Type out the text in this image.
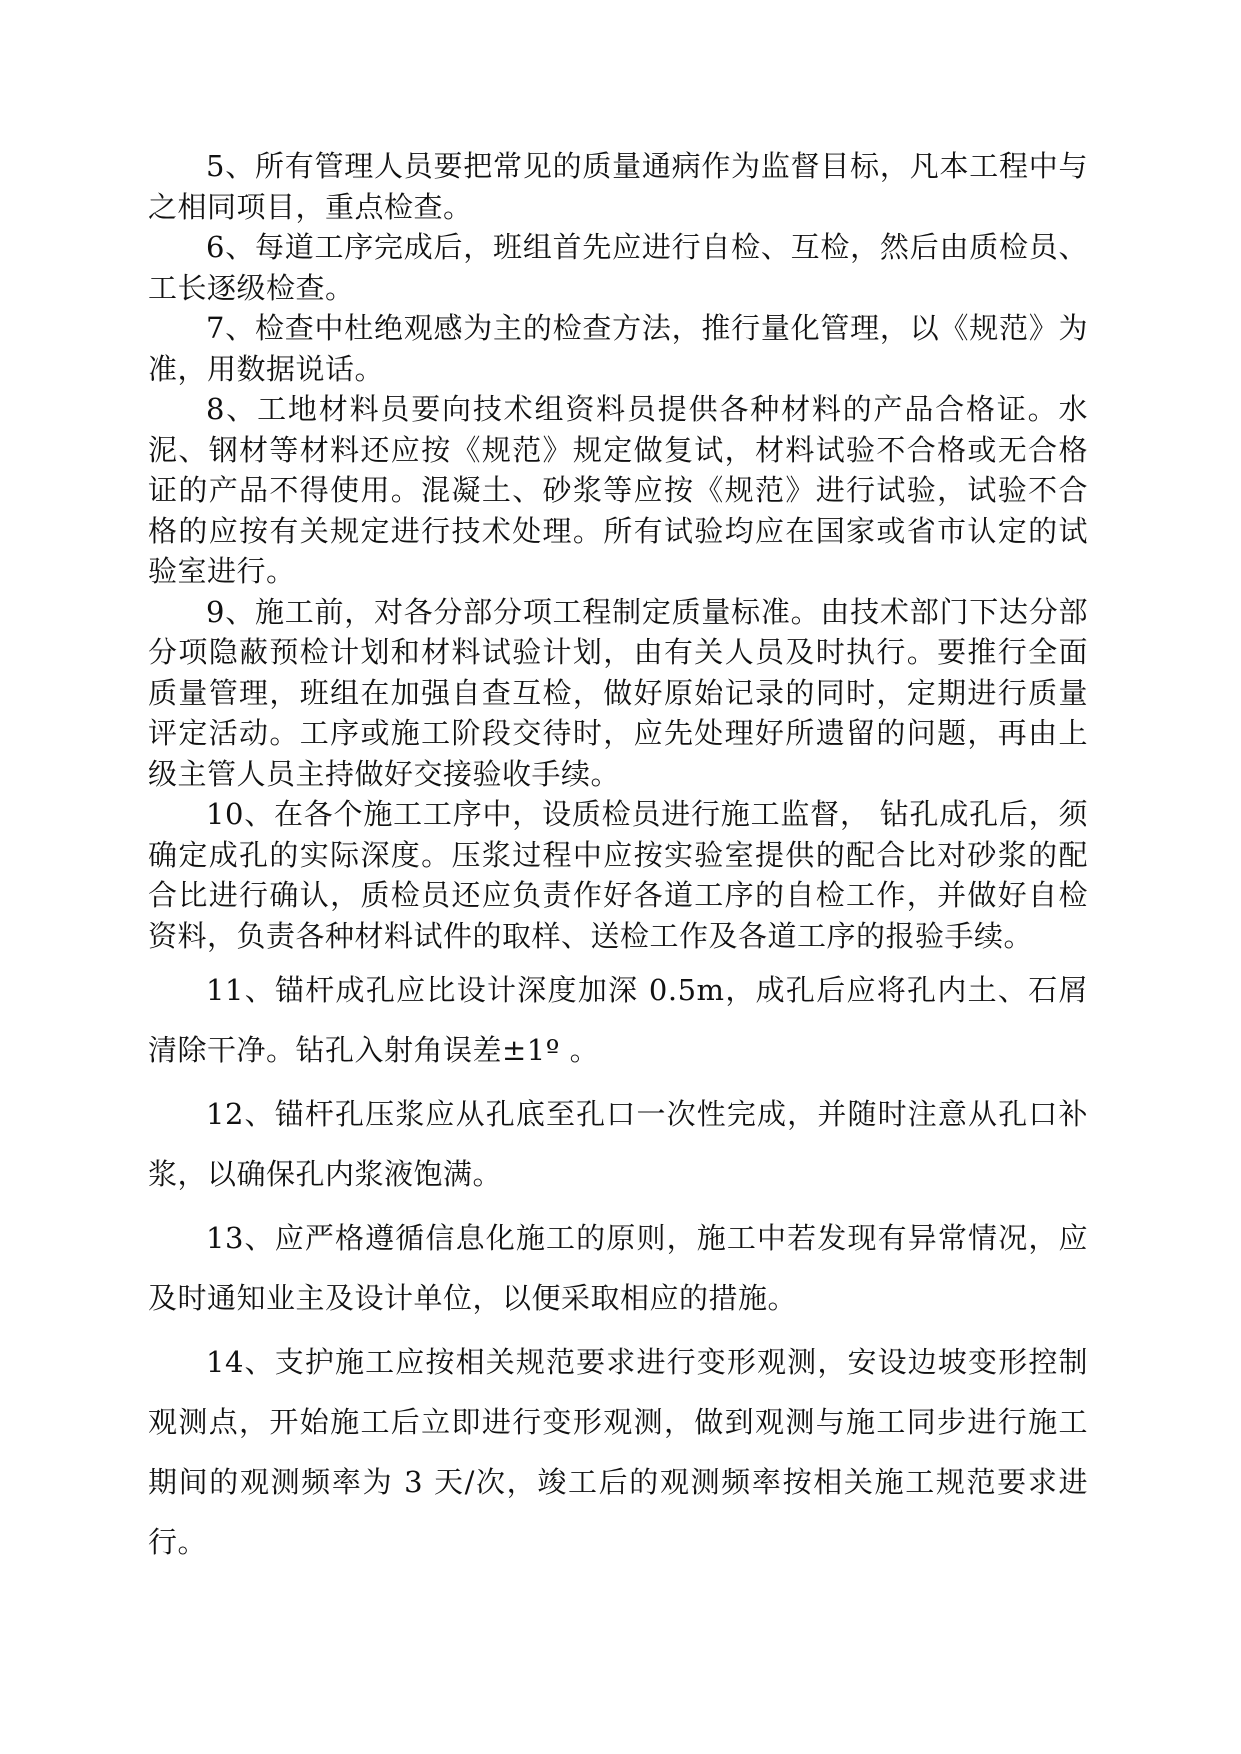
5、所有管理人员要把常见的质量通病作为监督目标，凡本工程中与之相同项目，重点检查。

6、每道工序完成后，班组首先应进行自检、互检，然后由质检员、工长逐级检查。

7、检查中杜绝观感为主的检查方法，推行量化管理，以《规范》为准，用数据说话。

8、工地材料员要向技术组资料员提供各种材料的产品合格证。水泥、钢材等材料还应按《规范》规定做复试，材料试验不合格或无合格证的产品不得使用。混凝土、砂浆等应按《规范》进行试验，试验不合格的应按有关规定进行技术处理。所有试验均应在国家或省市认定的试验室进行。

9、施工前，对各分部分项工程制定质量标准。由技术部门下达分部分项隐蔽预检计划和材料试验计划，由有关人员及时执行。要推行全面质量管理，班组在加强自查互检，做好原始记录的同时，定期进行质量评定活动。工序或施工阶段交待时，应先处理好所遗留的问题，再由上级主管人员主持做好交接验收手续。

10、在各个施工工序中，设质检员进行施工监督， 钻孔成孔后，须确定成孔的实际深度。压浆过程中应按实验室提供的配合比对砂浆的配合比进行确认，质检员还应负责作好各道工序的自检工作，并做好自检资料，负责各种材料试件的取样、送检工作及各道工序的报验手续。

11、锚杆成孔应比设计深度加深 0.5m，成孔后应将孔内土、石屑清除干净。钻孔入射角误差±1º 。

12、锚杆孔压浆应从孔底至孔口一次性完成，并随时注意从孔口补浆，以确保孔内浆液饱满。

13、应严格遵循信息化施工的原则，施工中若发现有异常情况，应及时通知业主及设计单位，以便采取相应的措施。

14、支护施工应按相关规范要求进行变形观测，安设边坡变形控制观测点，开始施工后立即进行变形观测，做到观测与施工同步进行施工期间的观测频率为 3 天/次，竣工后的观测频率按相关施工规范要求进行。
